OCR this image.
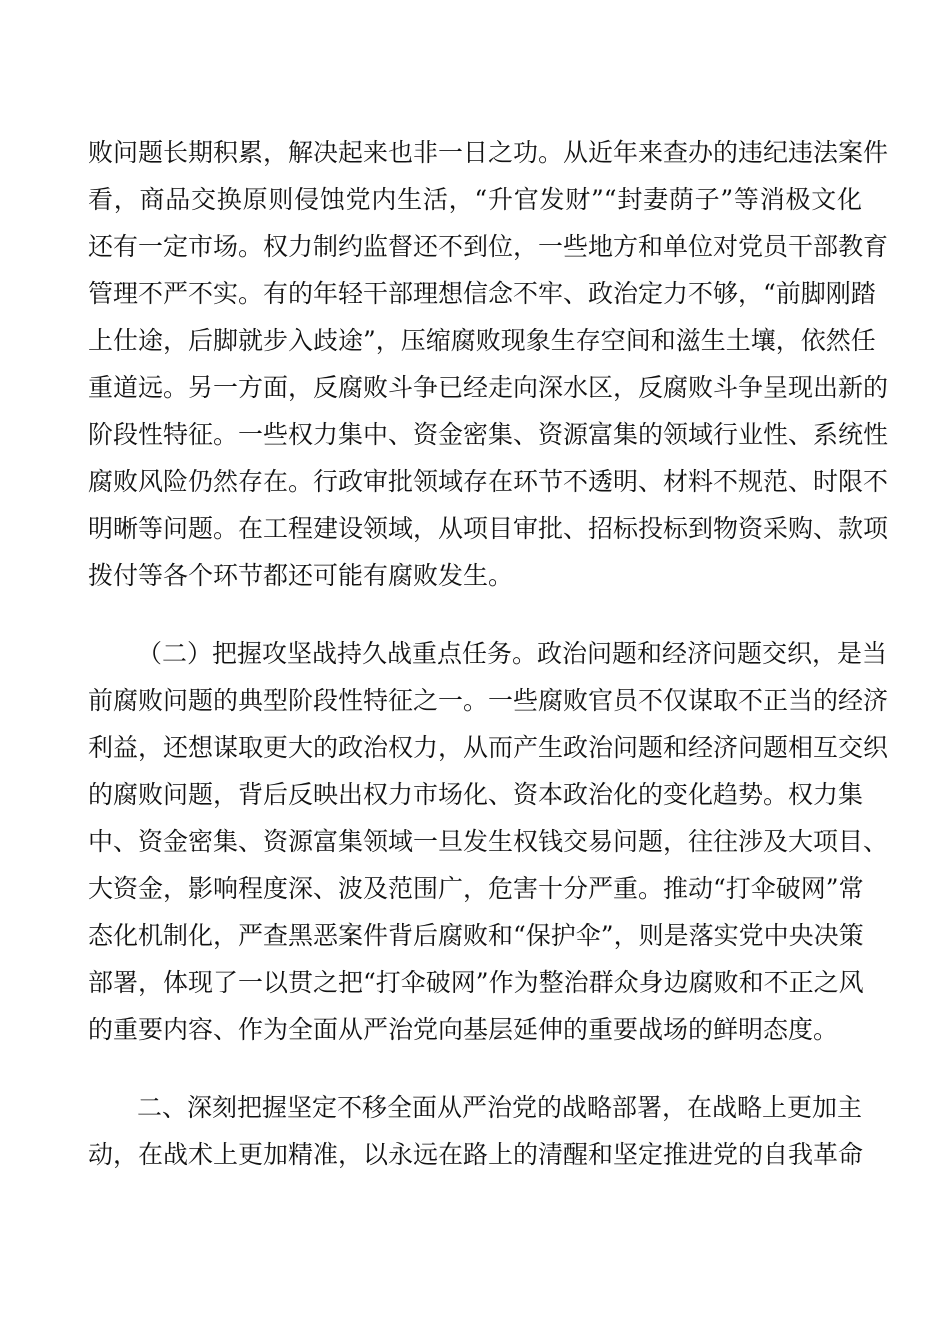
败问题长期积累，解决起来也非一日之功。从近年来查办的违纪违法案件
看，商品交换原则侵蚀党内生活，“升官发财”“封妻荫子”等消极文化
还有一定市场。权力制约监督还不到位，一些地方和单位对党员干部教育
管理不严不实。有的年轻干部理想信念不牢、政治定力不够，“前脚刚踏
上仕途，后脚就步入歧途”，压缩腐败现象生存空间和滋生土壤，依然任
重道远。另一方面，反腐败斗争已经走向深水区，反腐败斗争呈现出新的
阶段性特征。一些权力集中、资金密集、资源富集的领域行业性、系统性
腐败风险仍然存在。行政审批领域存在环节不透明、材料不规范、时限不
明晰等问题。在工程建设领域，从项目审批、招标投标到物资采购、款项
拨付等各个环节都还可能有腐败发生。
（二）把握攻坚战持久战重点任务。政治问题和经济问题交织，是当
前腐败问题的典型阶段性特征之一。一些腐败官员不仅谋取不正当的经济
利益，还想谋取更大的政治权力，从而产生政治问题和经济问题相互交织
的腐败问题，背后反映出权力市场化、资本政治化的变化趋势。权力集
中、资金密集、资源富集领域一旦发生权钱交易问题，往往涉及大项目、
大资金，影响程度深、波及范围广，危害十分严重。推动“打伞破网”常
态化机制化，严查黑恶案件背后腐败和“保护伞”，则是落实党中央决策
部署，体现了一以贯之把“打伞破网”作为整治群众身边腐败和不正之风
的重要内容、作为全面从严治党向基层延伸的重要战场的鲜明态度。
二、深刻把握坚定不移全面从严治党的战略部署，在战略上更加主
动，在战术上更加精准，以永远在路上的清醒和坚定推进党的自我革命
